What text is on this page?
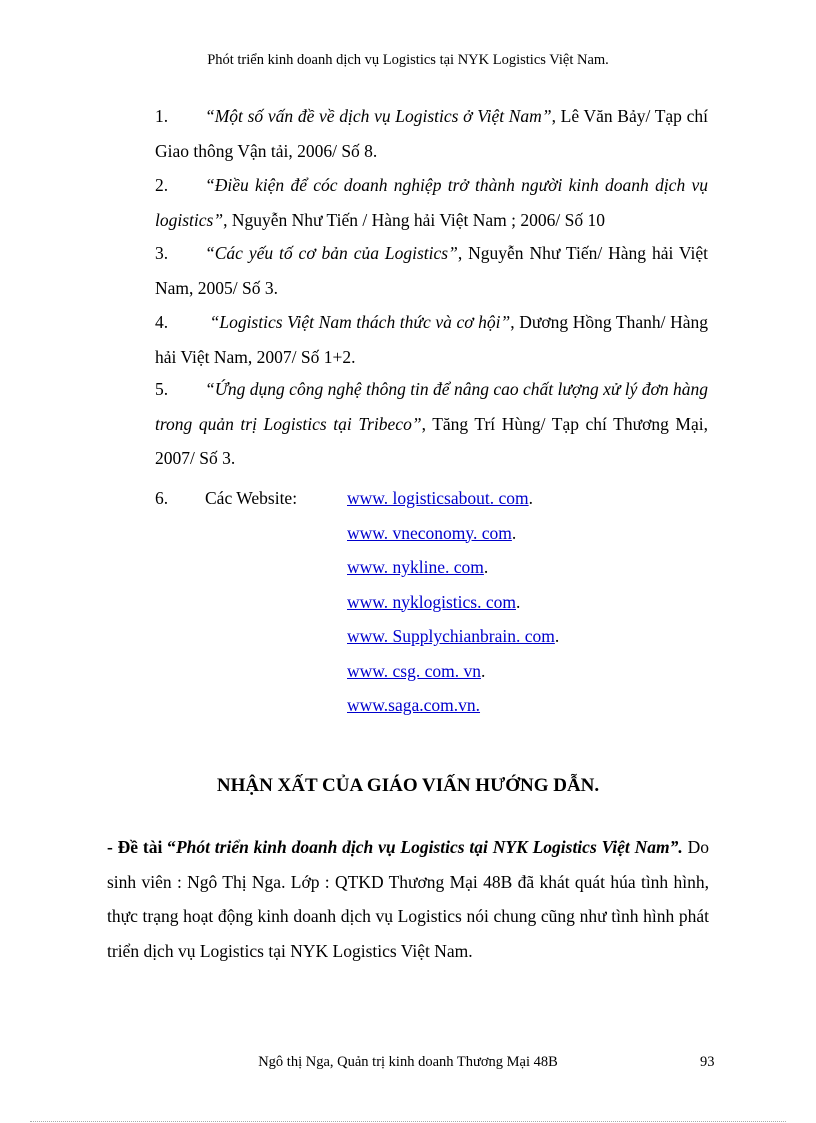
Phót triển kinh doanh dịch vụ Logistics tại NYK Logistics Việt Nam.
1. “Một số vấn đề về dịch vụ Logistics ở Việt Nam”, Lê Văn Bảy/ Tạp chí Giao thông Vận tải, 2006/ Số 8.
2. “Điều kiện để cóc doanh nghiệp trở thành người kinh doanh dịch vụ logistics”, Nguyễn Như Tiến / Hàng hải Việt Nam ; 2006/ Số 10
3. “Các yếu tố cơ bản của Logistics”, Nguyễn Như Tiến/ Hàng hải Việt Nam, 2005/ Số 3.
4. “Logistics Việt Nam thách thức và cơ hội”, Dương Hồng Thanh/ Hàng hải Việt Nam, 2007/ Số 1+2.
5. “Ứng dụng công nghệ thông tin để nâng cao chất lượng xử lý đơn hàng trong quản trị Logistics tại Tribeco”, Tăng Trí Hùng/ Tạp chí Thương Mại, 2007/ Số 3.
6. Các Website:	www. logisticsabout. com.
www. vneconomy. com.
www. nykline. com.
www. nyklogistics. com.
www. Supplychianbrain. com.
www. csg. com. vn.
www.saga.com.vn.
NHẬN XẤT CỦA GIÁO VIẤN HƯỚNG DẪN.
- Đề tài “Phót triển kinh doanh dịch vụ Logistics tại NYK Logistics Việt Nam”. Do sinh viên : Ngô Thị Nga. Lớp : QTKD Thương Mại 48B đã khát quát húa tình hình, thực trạng hoạt động kinh doanh dịch vụ Logistics nói chung cũng như tình hình phát triển dịch vụ Logistics tại NYK Logistics Việt Nam.
Ngô thị Nga, Quản trị kinh doanh Thương Mại 48B	93
